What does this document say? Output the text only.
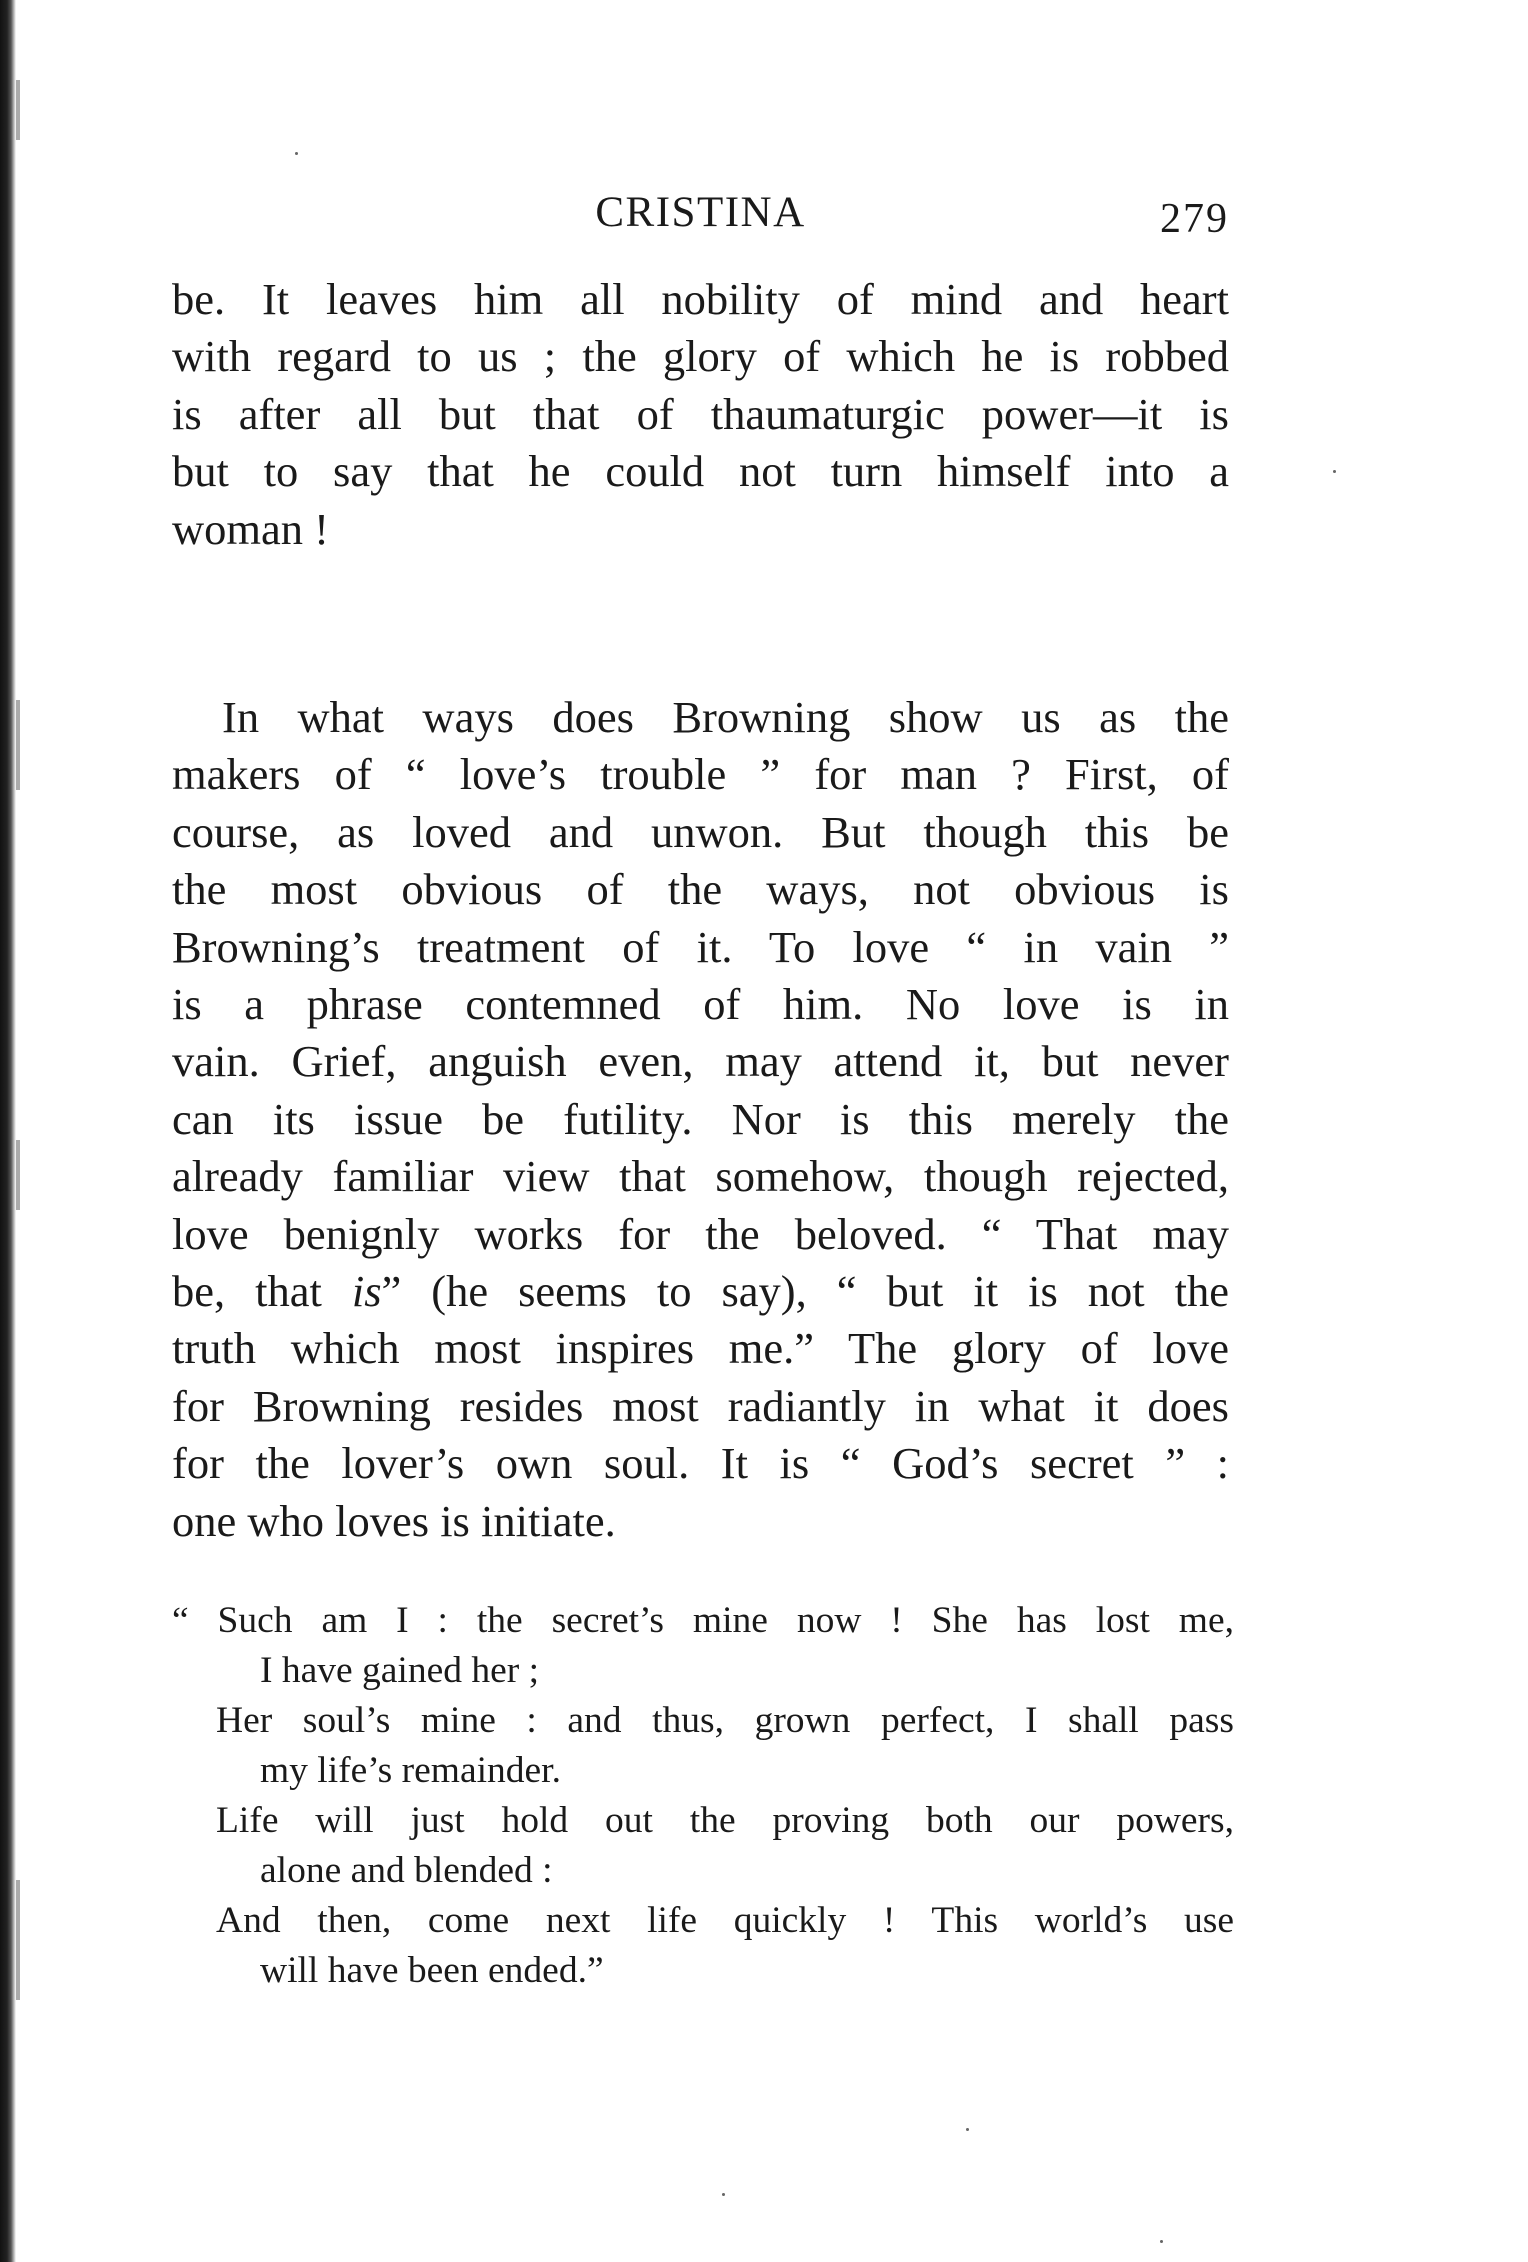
CRISTINA	279
be. It leaves him all nobility of mind and heart
with regard to us ; the glory of which he is robbed
is after all but that of thaumaturgic power—it is
but to say that he could not turn himself into a
woman !
In what ways does Browning show us as the
makers of “ love’s trouble ” for man ? First, of
course, as loved and unwon. But though this be
the most obvious of the ways, not obvious is
Browning’s treatment of it. To love “ in vain ”
is a phrase contemned of him. No love is in
vain. Grief, anguish even, may attend it, but never
can its issue be futility. Nor is this merely the
already familiar view that somehow, though rejected,
love benignly works for the beloved. “ That may
be, that is” (he seems to say), “ but it is not the
truth which most inspires me.” The glory of love
for Browning resides most radiantly in what it does
for the lover’s own soul. It is “ God’s secret ” :
one who loves is initiate.
“ Such am I : the secret’s mine now ! She has lost me,
I have gained her ;
Her soul’s mine : and thus, grown perfect, I shall pass
my life’s remainder.
Life will just hold out the proving both our powers,
alone and blended :
And then, come next life quickly ! This world’s use
will have been ended.”
